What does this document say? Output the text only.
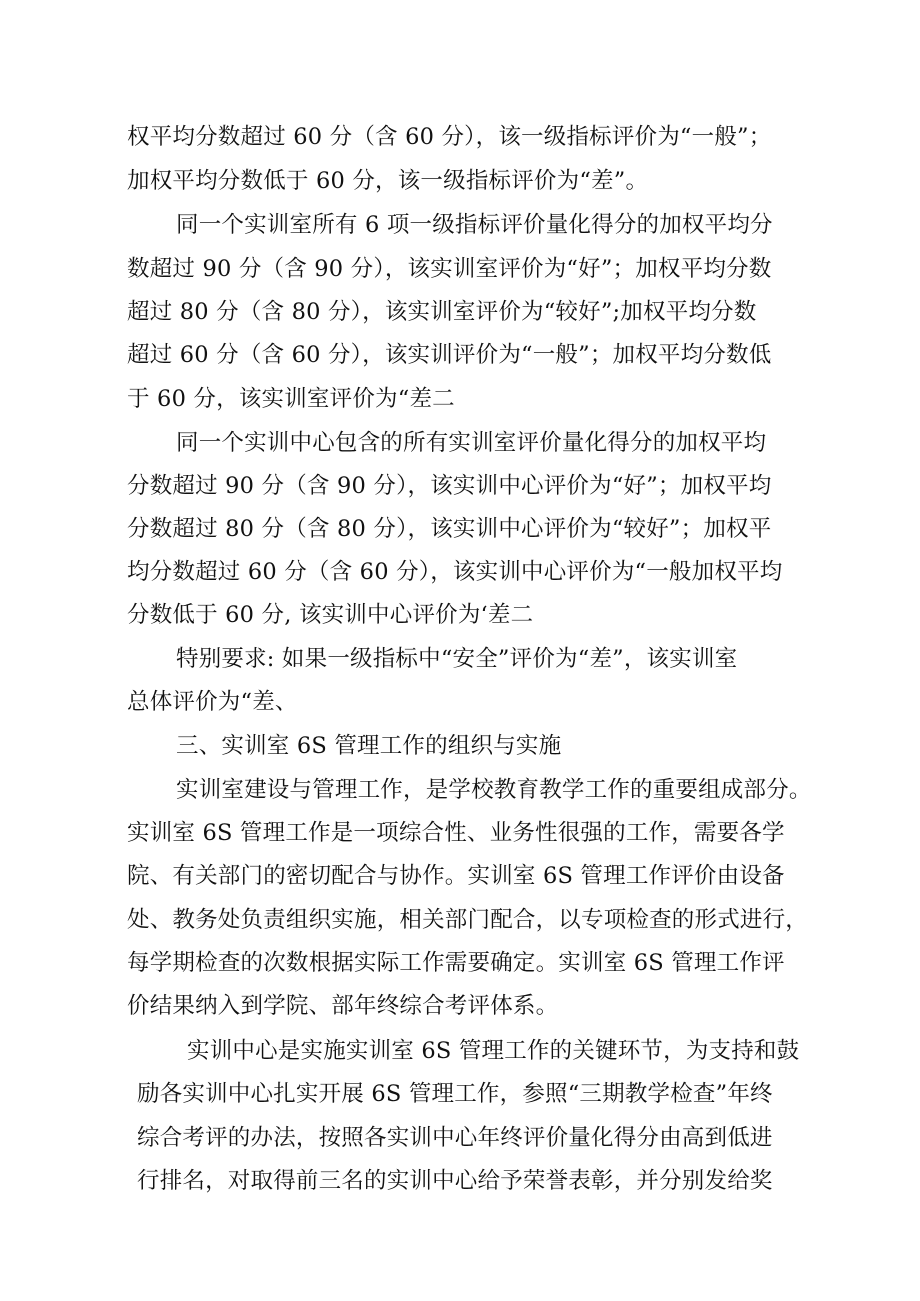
权平均分数超过 60 分（含 60 分），该一级指标评价为“一般”；
加权平均分数低于 60 分，该一级指标评价为“差”。
同一个实训室所有 6 项一级指标评价量化得分的加权平均分
数超过 90 分（含 90 分），该实训室评价为“好”；加权平均分数
超过 80 分（含 80 分），该实训室评价为“较好”;加权平均分数
超过 60 分（含 60 分），该实训评价为“一般”；加权平均分数低
于 60 分，该实训室评价为“差二
同一个实训中心包含的所有实训室评价量化得分的加权平均
分数超过 90 分（含 90 分），该实训中心评价为“好”；加权平均
分数超过 80 分（含 80 分），该实训中心评价为“较好”；加权平
均分数超过 60 分（含 60 分），该实训中心评价为“一般加权平均
分数低于 60 分, 该实训中心评价为‘差二
特别要求: 如果一级指标中“安全”评价为“差”，该实训室
总体评价为“差、
三、实训室 6S 管理工作的组织与实施
实训室建设与管理工作，是学校教育教学工作的重要组成部分。
实训室 6S 管理工作是一项综合性、业务性很强的工作，需要各学
院、有关部门的密切配合与协作。实训室 6S 管理工作评价由设备
处、教务处负责组织实施，相关部门配合，以专项检查的形式进行，
每学期检查的次数根据实际工作需要确定。实训室 6S 管理工作评
价结果纳入到学院、部年终综合考评体系。
实训中心是实施实训室 6S 管理工作的关键环节，为支持和鼓
励各实训中心扎实开展 6S 管理工作，参照“三期教学检查”年终
综合考评的办法，按照各实训中心年终评价量化得分由高到低进
行排名，对取得前三名的实训中心给予荣誉表彰，并分别发给奖
